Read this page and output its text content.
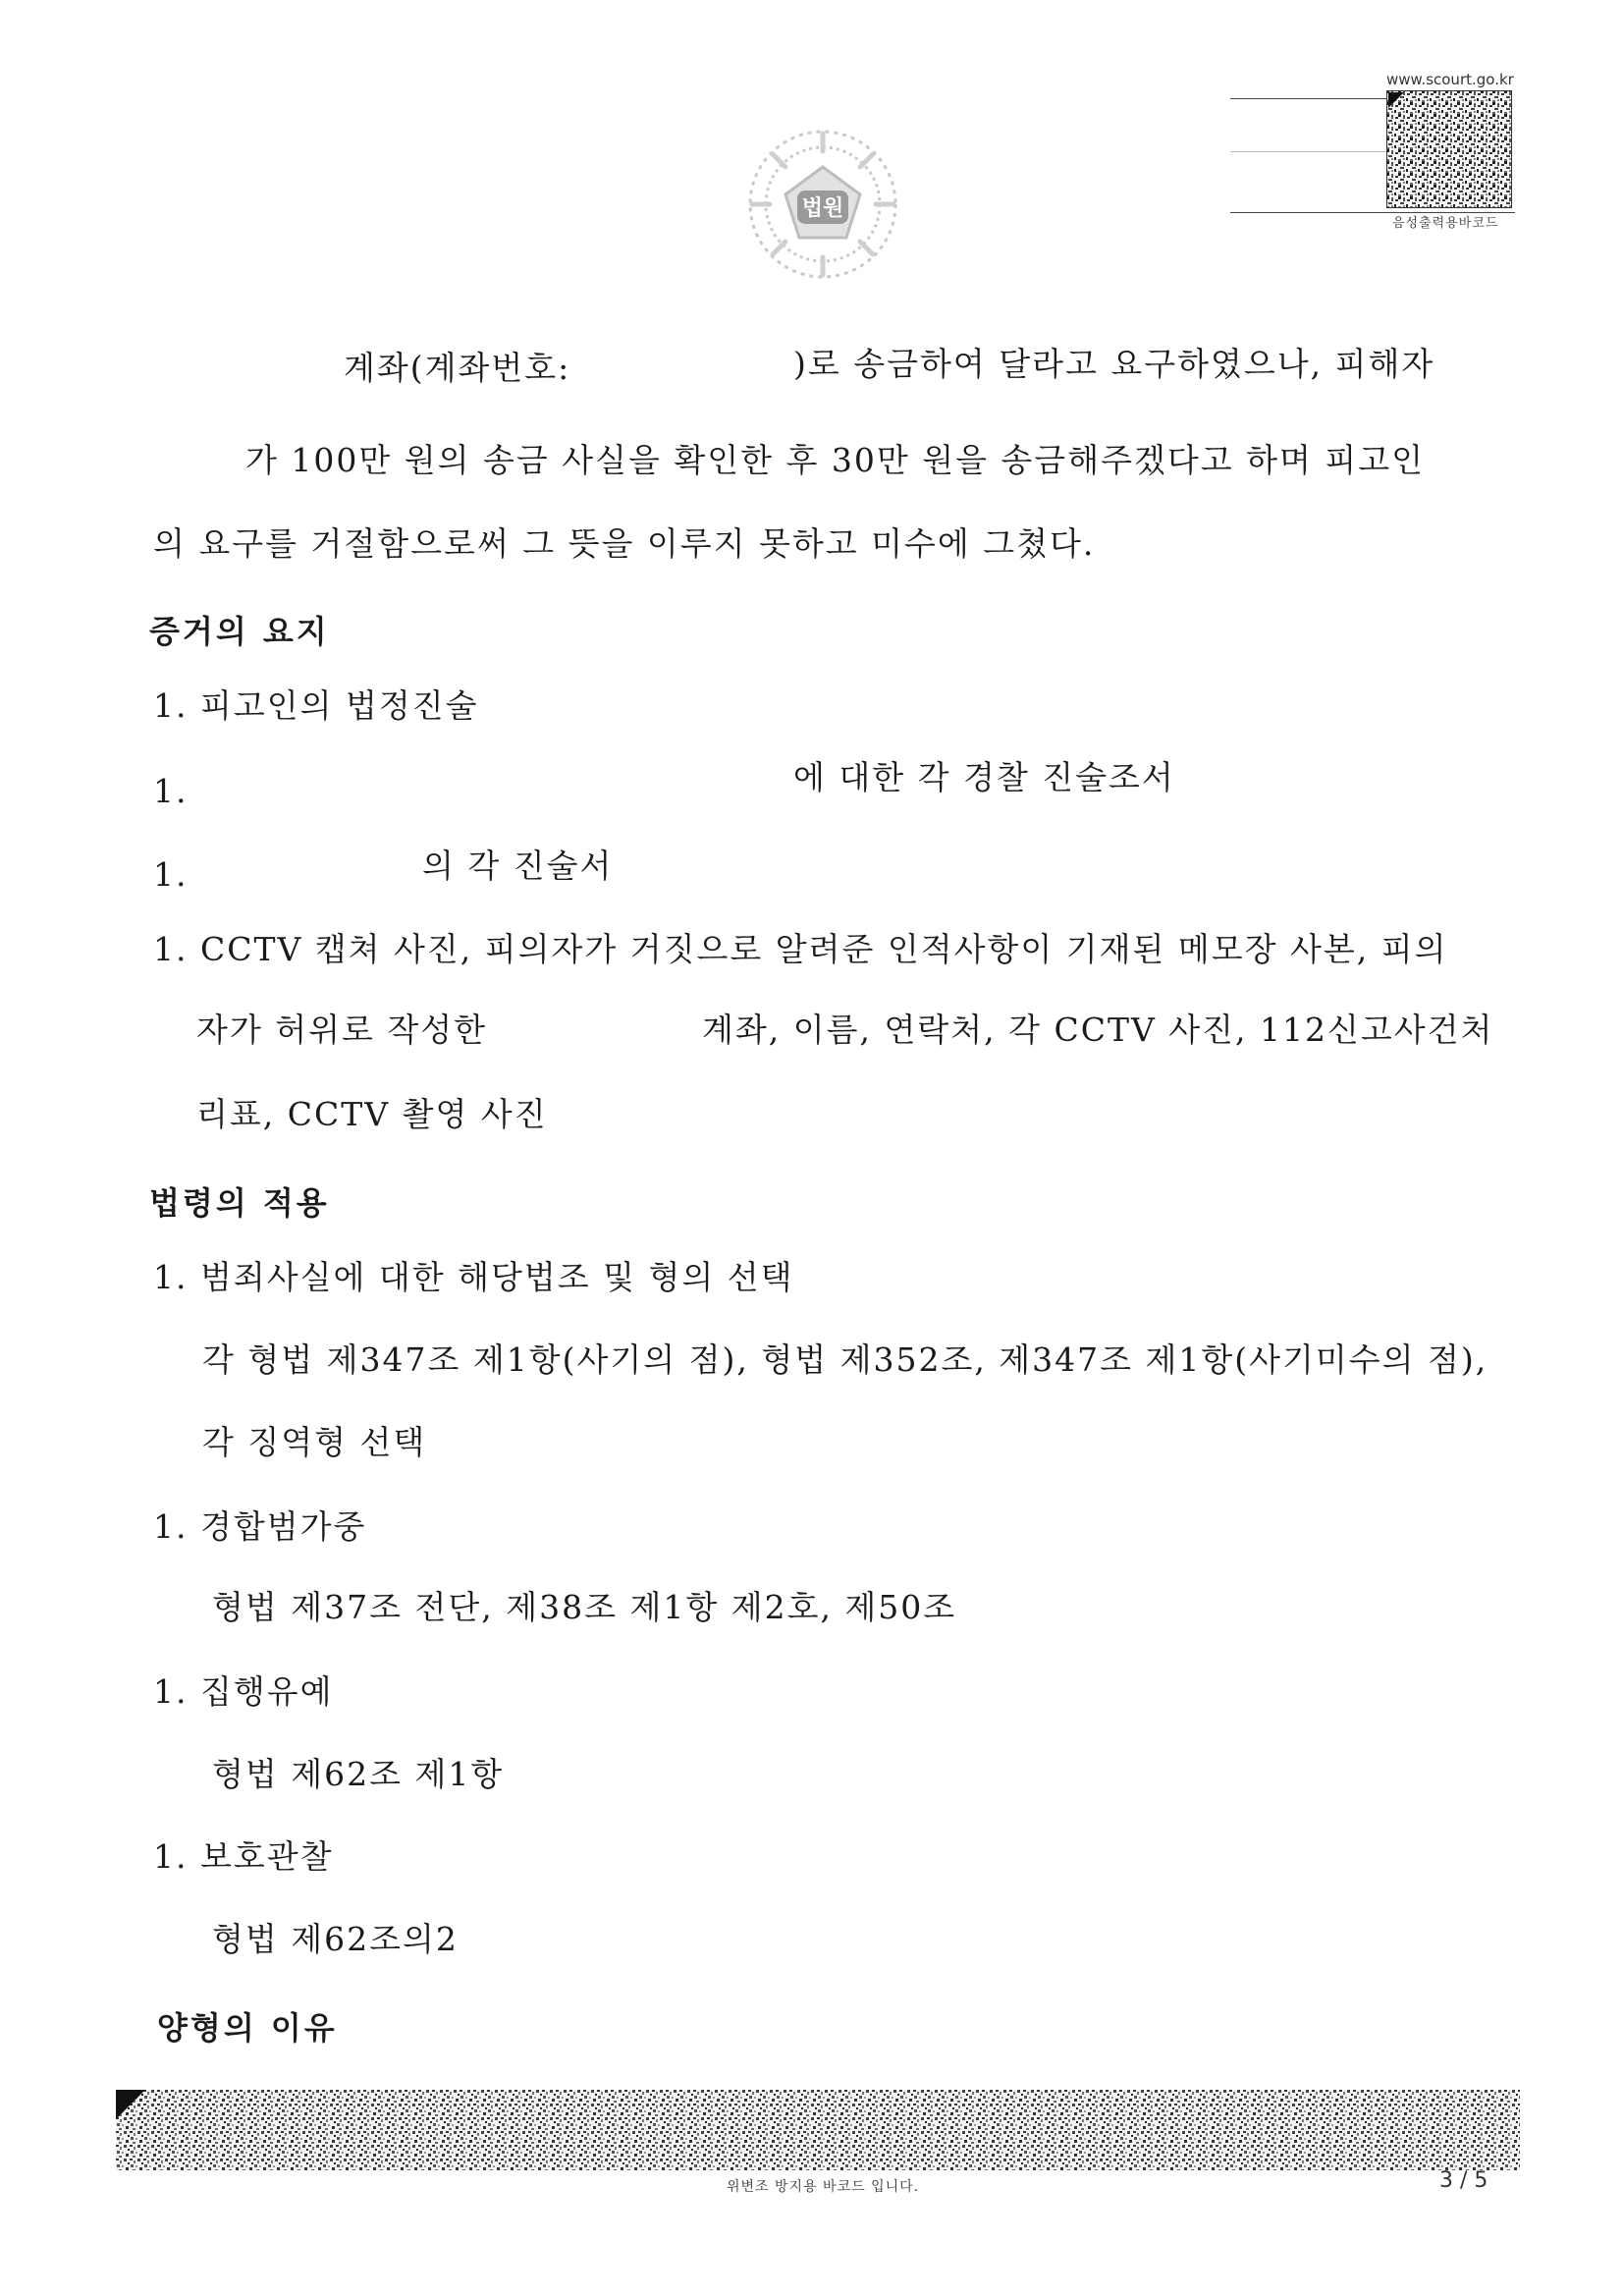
법원
www.scourt.go.kr
음성출력용바코드
계좌(계좌번호:	)로 송금하여 달라고 요구하였으나, 피해자
가 100만 원의 송금 사실을 확인한 후 30만 원을 송금해주겠다고 하며 피고인
의 요구를 거절함으로써 그 뜻을 이루지 못하고 미수에 그쳤다.
증거의 요지
1. 피고인의 법정진술
1.	에 대한 각 경찰 진술조서
1.	의 각 진술서
1. CCTV 캡쳐 사진, 피의자가 거짓으로 알려준 인적사항이 기재된 메모장 사본, 피의
자가 허위로 작성한	계좌, 이름, 연락처, 각 CCTV 사진, 112신고사건처
리표, CCTV 촬영 사진
법령의 적용
1. 범죄사실에 대한 해당법조 및 형의 선택
각 형법 제347조 제1항(사기의 점), 형법 제352조, 제347조 제1항(사기미수의 점),
각 징역형 선택
1. 경합범가중
형법 제37조 전단, 제38조 제1항 제2호, 제50조
1. 집행유예
형법 제62조 제1항
1. 보호관찰
형법 제62조의2
양형의 이유
위변조 방지용 바코드 입니다.	3 / 5
